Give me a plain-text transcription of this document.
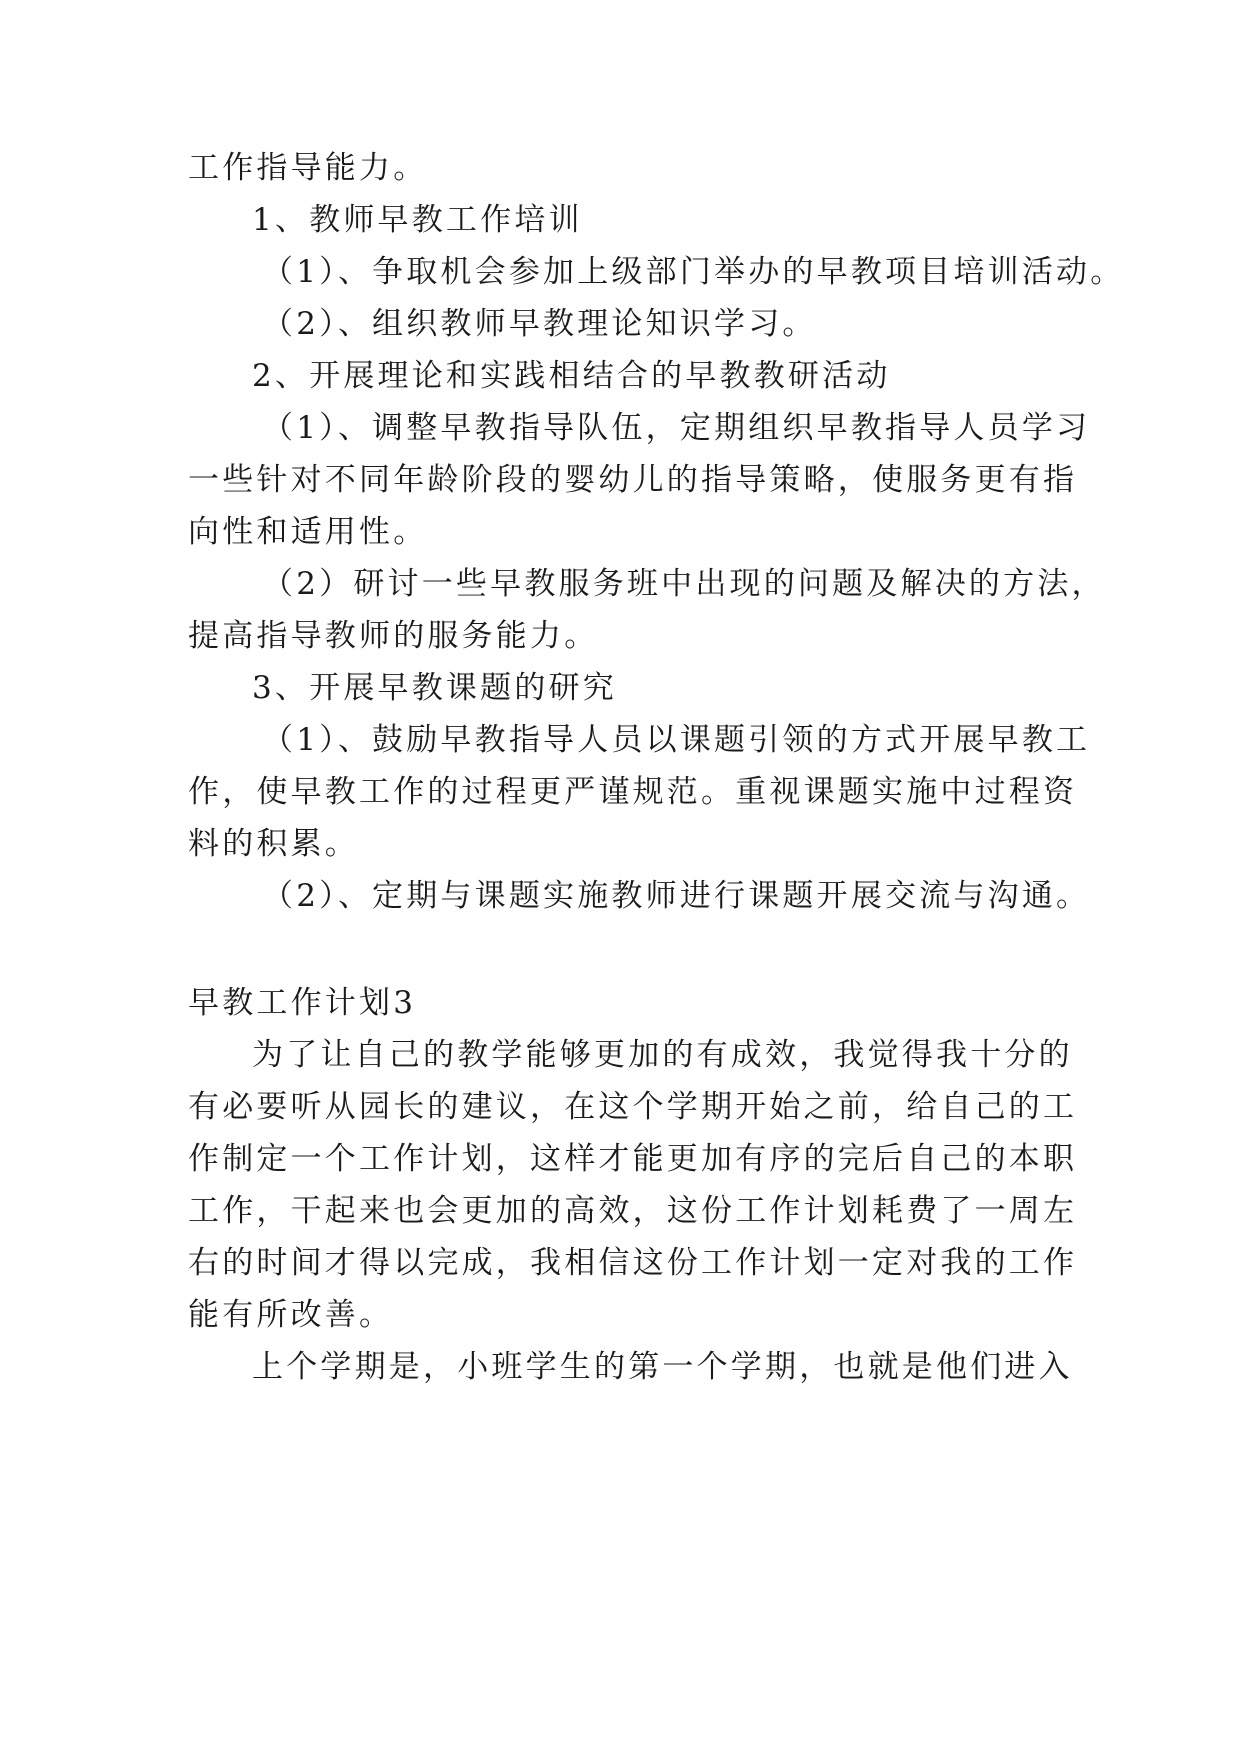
工作指导能力。
1、教师早教工作培训
（1）、争取机会参加上级部门举办的早教项目培训活动。
（2）、组织教师早教理论知识学习。
2、开展理论和实践相结合的早教教研活动
（1）、调整早教指导队伍，定期组织早教指导人员学习
一些针对不同年龄阶段的婴幼儿的指导策略，使服务更有指
向性和适用性。
（2）研讨一些早教服务班中出现的问题及解决的方法，
提高指导教师的服务能力。
3、开展早教课题的研究
（1）、鼓励早教指导人员以课题引领的方式开展早教工
作，使早教工作的过程更严谨规范。重视课题实施中过程资
料的积累。
（2）、定期与课题实施教师进行课题开展交流与沟通。
早教工作计划3
为了让自己的教学能够更加的有成效，我觉得我十分的
有必要听从园长的建议，在这个学期开始之前，给自己的工
作制定一个工作计划，这样才能更加有序的完后自己的本职
工作，干起来也会更加的高效，这份工作计划耗费了一周左
右的时间才得以完成，我相信这份工作计划一定对我的工作
能有所改善。
上个学期是，小班学生的第一个学期，也就是他们进入
